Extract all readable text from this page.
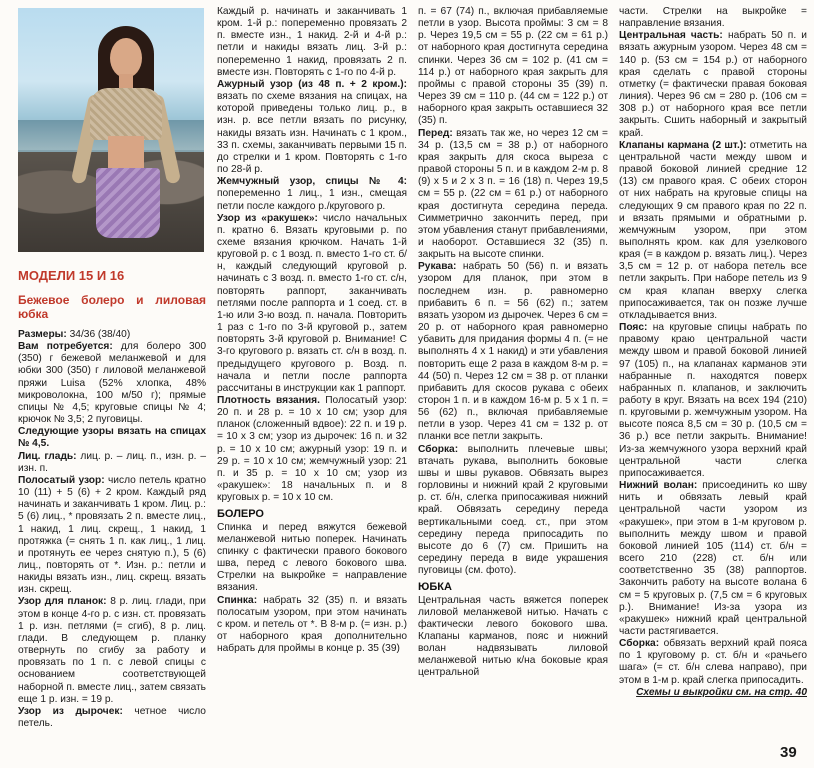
МОДЕЛИ 15 И 16
Бежевое болеро и лиловая юбка

Размеры: 34/36 (38/40)

Вам потребуется: для болеро 300 (350) г бежевой меланжевой и для юбки 300 (350) г лиловой меланжевой пряжи Luisa (52% хлопка, 48% микроволокна, 100 м/50 г); прямые спицы № 4,5; круговые спицы № 4; крючок № 3,5; 2 пуговицы.

Следующие узоры вязать на спицах № 4,5.

Лиц. гладь: лиц. р. – лиц. п., изн. р. – изн. п.

Полосатый узор: число петель кратно 10 (11) + 5 (6) + 2 кром. Каждый ряд начинать и заканчивать 1 кром. Лиц. р.: 5 (6) лиц., * провязать 2 п. вместе лиц., 1 накид, 1 лиц. скрещ., 1 накид, 1 протяжка (= снять 1 п. как лиц., 1 лиц. и протянуть ее через снятую п.), 5 (6) лиц., повторять от *. Изн. р.: петли и накиды вязать изн., лиц. скрещ. вязать изн. скрещ.

Узор для планок: 8 р. лиц. глади, при этом в конце 4-го р. с изн. ст. провязать 1 р. изн. петлями (= сгиб), 8 р. лиц. глади. В следующем р. планку отвернуть по сгибу за работу и провязать по 1 п. с левой спицы с основанием соответствующей наборной п. вместе лиц., затем связать еще 1 р. изн. = 19 р.

Узор из дырочек: четное число петель.

Каждый р. начинать и заканчивать 1 кром. 1-й р.: попеременно провязать 2 п. вместе изн., 1 накид. 2-й и 4-й р.: петли и накиды вязать лиц. 3-й р.: попеременно 1 накид, провязать 2 п. вместе изн. Повторять с 1-го по 4-й р.

Ажурный узор (из 48 п. + 2 кром.): вязать по схеме вязания на спицах, на которой приведены только лиц. р., в изн. р. все петли вязать по рисунку, накиды вязать изн. Начинать с 1 кром., 33 п. схемы, заканчивать первыми 15 п. до стрелки и 1 кром. Повторять с 1-го по 28-й р.

Жемчужный узор, спицы № 4: попеременно 1 лиц., 1 изн., смещая петли после каждого р./кругового р.

Узор из «ракушек»: число начальных п. кратно 6. Вязать круговыми р. по схеме вязания крючком. Начать 1-й круговой р. с 1 возд. п. вместо 1-го ст. б/н, каждый следующий круговой р. начинать с 3 возд. п. вместо 1-го ст. с/н, повторять раппорт, заканчивать петлями после раппорта и 1 соед. ст. в 1-ю или 3-ю возд. п. начала. Повторить 1 раз с 1-го по 3-й круговой р., затем повторять 3-й круговой р. Внимание! С 3-го кругового р. вязать ст. с/н в возд. п. предыдущего кругового р. Возд. п. начала и петли после раппорта рассчитаны в инструкции как 1 раппорт.

Плотность вязания. Полосатый узор: 20 п. и 28 р. = 10 х 10 см; узор для планок (сложенный вдвое): 22 п. и 19 р. = 10 х 3 см; узор из дырочек: 16 п. и 32 р. = 10 х 10 см; ажурный узор: 19 п. и 29 р. = 10 х 10 см; жемчужный узор: 21 п. и 35 р. = 10 х 10 см; узор из «ракушек»: 18 начальных п. и 8 круговых р. = 10 х 10 см.

БОЛЕРО

Спинка и перед вяжутся бежевой меланжевой нитью поперек. Начинать спинку с фактически правого бокового шва, перед с левого бокового шва. Стрелки на выкройке = направление вязания.

Спинка: набрать 32 (35) п. и вязать полосатым узором, при этом начинать с кром. и петель от *. В 8-м р. (= изн. р.) от наборного края дополнительно набрать для проймы в конце р. 35 (39)

п. = 67 (74) п., включая прибавляемые петли в узор. Высота проймы: 3 см = 8 р. Через 19,5 см = 55 р. (22 см = 61 р.) от наборного края достигнута середина спинки. Через 36 см = 102 р. (41 см = 114 р.) от наборного края закрыть для проймы с правой стороны 35 (39) п. Через 39 см = 110 р. (44 см = 122 р.) от наборного края закрыть оставшиеся 32 (35) п.

Перед: вязать так же, но через 12 см = 34 р. (13,5 см = 38 р.) от наборного края закрыть для скоса выреза с правой стороны 5 п. и в каждом 2-м р. 8 (9) х 5 и 2 х 3 п. = 16 (18) п. Через 19,5 см = 55 р. (22 см = 61 р.) от наборного края достигнута середина переда. Симметрично закончить перед, при этом убавления станут прибавлениями, и наоборот. Оставшиеся 32 (35) п. закрыть на высоте спинки.

Рукава: набрать 50 (56) п. и вязать узором для планок, при этом в последнем изн. р. равномерно прибавить 6 п. = 56 (62) п.; затем вязать узором из дырочек. Через 6 см = 20 р. от наборного края равномерно убавить для придания формы 4 п. (= не выполнять 4 х 1 накид) и эти убавления повторить еще 2 раза в каждом 8-м р. = 44 (50) п. Через 12 см = 38 р. от планки прибавить для скосов рукава с обеих сторон 1 п. и в каждом 16-м р. 5 х 1 п. = 56 (62) п., включая прибавляемые петли в узор. Через 41 см = 132 р. от планки все петли закрыть.

Сборка: выполнить плечевые швы; втачать рукава, выполнить боковые швы и швы рукавов. Обвязать вырез горловины и нижний край 2 круговыми р. ст. б/н, слегка припосаживая нижний край. Обвязать середину переда вертикальными соед. ст., при этом середину переда припосадить по высоте до 6 (7) см. Пришить на середину переда в виде украшения пуговицы (см. фото).

ЮБКА

Центральная часть вяжется поперек лиловой меланжевой нитью. Начать с фактически левого бокового шва. Клапаны карманов, пояс и нижний волан надвязывать лиловой меланжевой нитью к/на боковые края центральной

части. Стрелки на выкройке = направление вязания.

Центральная часть: набрать 50 п. и вязать ажурным узором. Через 48 см = 140 р. (53 см = 154 р.) от наборного края сделать с правой стороны отметку (= фактически правая боковая линия). Через 96 см = 280 р. (106 см = 308 р.) от наборного края все петли закрыть. Сшить наборный и закрытый край.

Клапаны кармана (2 шт.): отметить на центральной части между швом и правой боковой линией средние 12 (13) см правого края. С обеих сторон от них набрать на круговые спицы на следующих 9 см правого края по 22 п. и вязать прямыми и обратными р. жемчужным узором, при этом выполнять кром. как для узелкового края (= в каждом р. вязать лиц.). Через 3,5 см = 12 р. от набора петель все петли закрыть. При наборе петель из 9 см края клапан вверху слегка припосаживается, так он позже лучше откладывается вниз.

Пояс: на круговые спицы набрать по правому краю центральной части между швом и правой боковой линией 97 (105) п., на клапанах карманов эти набранные п. находятся поверх набранных п. клапанов, и заключить работу в круг. Вязать на всех 194 (210) п. круговыми р. жемчужным узором. На высоте пояса 8,5 см = 30 р. (10,5 см = 36 р.) все петли закрыть. Внимание! Из-за жемчужного узора верхний край центральной части слегка припосаживается.

Нижний волан: присоединить ко шву нить и обвязать левый край центральной части узором из «ракушек», при этом в 1-м круговом р. выполнить между швом и правой боковой линией 105 (114) ст. б/н = всего 210 (228) ст. б/н или соответственно 35 (38) раппортов. Закончить работу на высоте волана 6 см = 5 круговых р. (7,5 см = 6 круговых р.). Внимание! Из-за узора из «ракушек» нижний край центральной части растягивается.

Сборка: обвязать верхний край пояса по 1 круговому р. ст. б/н и «рачьего шага» (= ст. б/н слева направо), при этом в 1-м р. край слегка припосадить.

Схемы и выкройки см. на стр. 40

39
